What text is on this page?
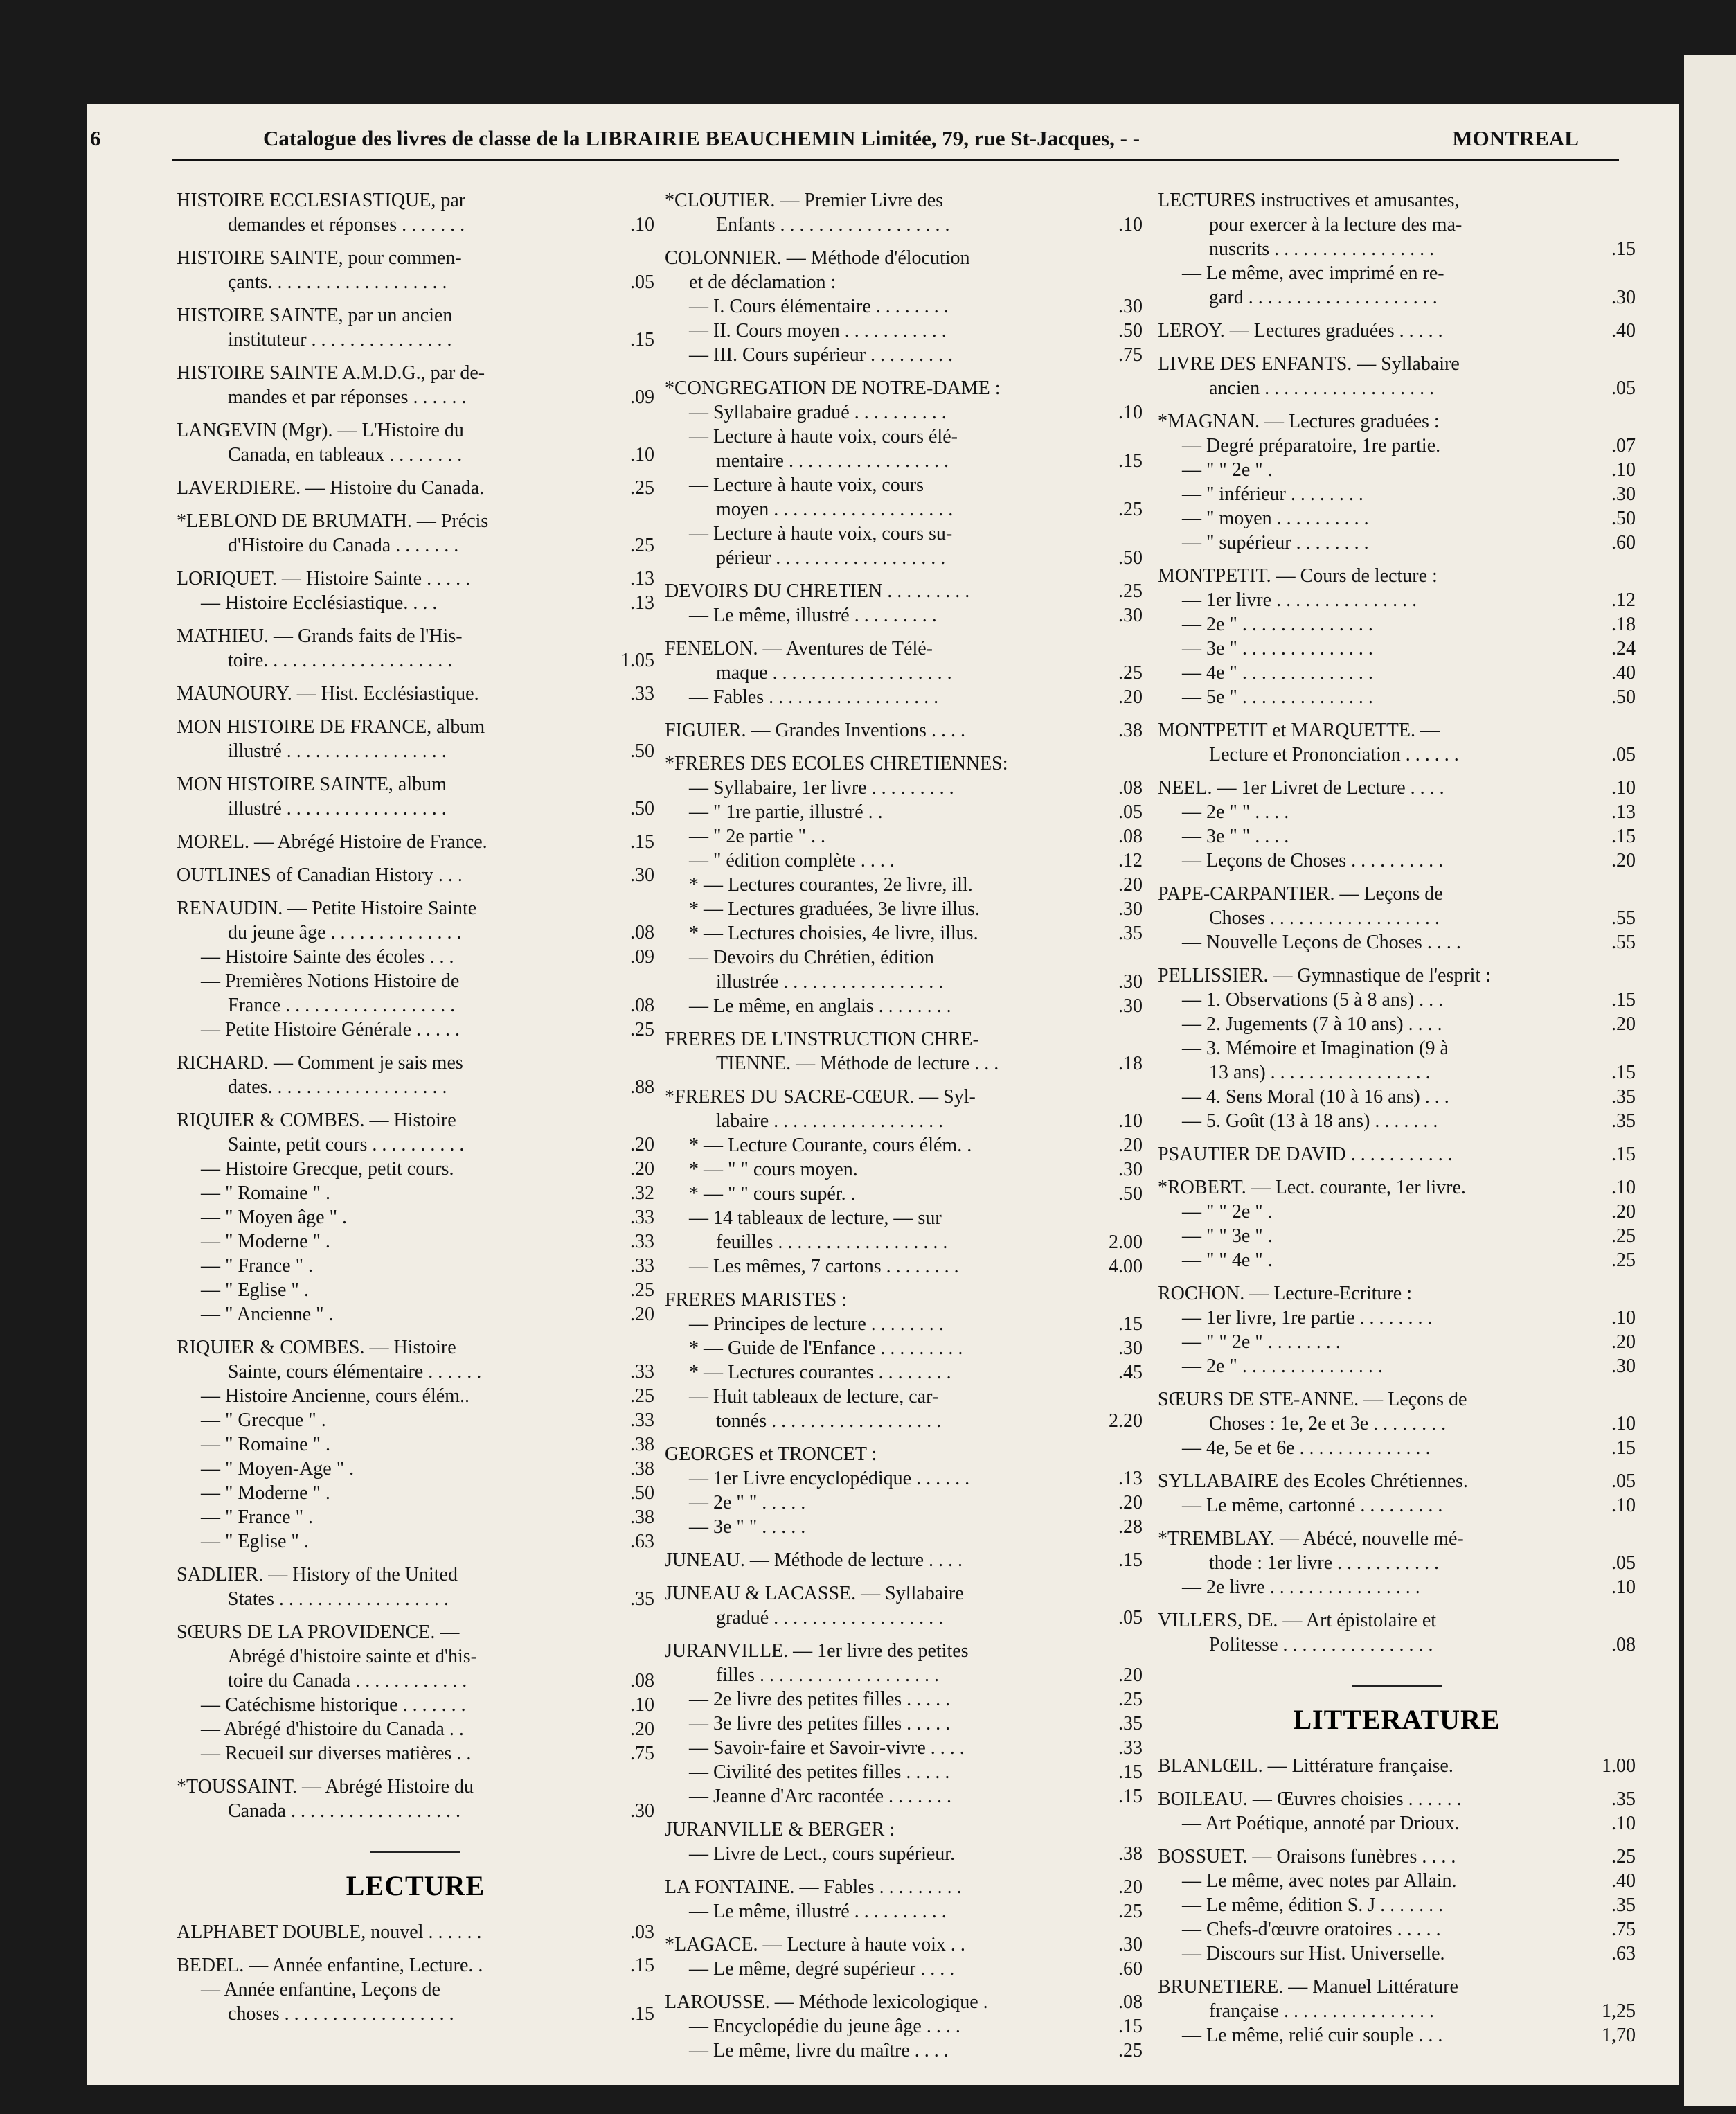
6	Catalogue des livres de classe de la LIBRAIRIE BEAUCHEMIN Limitée, 79, rue St-Jacques, - -	MONTREAL
HISTOIRE ECCLESIASTIQUE, par
demandes et réponses . . . . . . .	.10
HISTOIRE SAINTE, pour commen-
çants. . . . . . . . . . . . . . . . . . .	.05
HISTOIRE SAINTE, par un ancien
instituteur . . . . . . . . . . . . . . .	.15
HISTOIRE SAINTE A.M.D.G., par de-
mandes et par réponses . . . . . .	.09
LANGEVIN (Mgr). — L'Histoire du
Canada, en tableaux . . . . . . . .	.10
LAVERDIERE. — Histoire du Canada.	.25
*LEBLOND DE BRUMATH. — Précis
d'Histoire du Canada . . . . . . .	.25
LORIQUET. — Histoire Sainte . . . . .	.13
— Histoire Ecclésiastique. . . .	.13
MATHIEU. — Grands faits de l'His-
toire. . . . . . . . . . . . . . . . . . . .	1.05
MAUNOURY. — Hist. Ecclésiastique.	.33
MON HISTOIRE DE FRANCE, album
illustré . . . . . . . . . . . . . . . . .	.50
MON HISTOIRE SAINTE, album
illustré . . . . . . . . . . . . . . . . .	.50
MOREL. — Abrégé Histoire de France.	.15
OUTLINES of Canadian History . . .	.30
RENAUDIN. — Petite Histoire Sainte
du jeune âge . . . . . . . . . . . . . .	.08
— Histoire Sainte des écoles . . .	.09
— Premières Notions Histoire de
France . . . . . . . . . . . . . . . . . .	.08
— Petite Histoire Générale . . . . .	.25
RICHARD. — Comment je sais mes
dates. . . . . . . . . . . . . . . . . . .	.88
RIQUIER & COMBES. — Histoire
Sainte, petit cours . . . . . . . . . .	.20
— Histoire Grecque, petit cours.	.20
— " Romaine " .	.32
— " Moyen âge " .	.33
— " Moderne " .	.33
— " France " .	.33
— " Eglise " .	.25
— " Ancienne " .	.20
RIQUIER & COMBES. — Histoire
Sainte, cours élémentaire . . . . . .	.33
— Histoire Ancienne, cours élém..	.25
— " Grecque " .	.33
— " Romaine " .	.38
— " Moyen-Age " .	.38
— " Moderne " .	.50
— " France " .	.38
— " Eglise " .	.63
SADLIER. — History of the United
States . . . . . . . . . . . . . . . . . .	.35
SŒURS DE LA PROVIDENCE. —
Abrégé d'histoire sainte et d'his-
toire du Canada . . . . . . . . . . . .	.08
— Catéchisme historique . . . . . . .	.10
— Abrégé d'histoire du Canada . .	.20
— Recueil sur diverses matières . .	.75
*TOUSSAINT. — Abrégé Histoire du
Canada . . . . . . . . . . . . . . . . . .	.30
LECTURE
ALPHABET DOUBLE, nouvel . . . . . .	.03
BEDEL. — Année enfantine, Lecture. .	.15
— Année enfantine, Leçons de
choses . . . . . . . . . . . . . . . . . .	.15
*CLOUTIER. — Premier Livre des
Enfants . . . . . . . . . . . . . . . . . .	.10
COLONNIER. — Méthode d'élocution
et de déclamation :
— I. Cours élémentaire . . . . . . . .	.30
— II. Cours moyen . . . . . . . . . . .	.50
— III. Cours supérieur . . . . . . . . .	.75
*CONGREGATION DE NOTRE-DAME :
— Syllabaire gradué . . . . . . . . . .	.10
— Lecture à haute voix, cours élé-
mentaire . . . . . . . . . . . . . . . . .	.15
— Lecture à haute voix, cours
moyen . . . . . . . . . . . . . . . . . . .	.25
— Lecture à haute voix, cours su-
périeur . . . . . . . . . . . . . . . . . .	.50
DEVOIRS DU CHRETIEN . . . . . . . . .	.25
— Le même, illustré . . . . . . . . .	.30
FENELON. — Aventures de Télé-
maque . . . . . . . . . . . . . . . . . . .	.25
— Fables . . . . . . . . . . . . . . . . . .	.20
FIGUIER. — Grandes Inventions . . . .	.38
*FRERES DES ECOLES CHRETIENNES:
— Syllabaire, 1er livre . . . . . . . . .	.08
— " 1re partie, illustré . .	.05
— " 2e partie " . .	.08
— " édition complète . . . .	.12
* — Lectures courantes, 2e livre, ill.	.20
* — Lectures graduées, 3e livre illus.	.30
* — Lectures choisies, 4e livre, illus.	.35
— Devoirs du Chrétien, édition
illustrée . . . . . . . . . . . . . . . . .	.30
— Le même, en anglais . . . . . . . .	.30
FRERES DE L'INSTRUCTION CHRE-
TIENNE. — Méthode de lecture . . .	.18
*FRERES DU SACRE-CŒUR. — Syl-
labaire . . . . . . . . . . . . . . . . . .	.10
* — Lecture Courante, cours élém. .	.20
* — " " cours moyen.	.30
* — " " cours supér. .	.50
— 14 tableaux de lecture, — sur
feuilles . . . . . . . . . . . . . . . . . .	2.00
— Les mêmes, 7 cartons . . . . . . . .	4.00
FRERES MARISTES :
— Principes de lecture . . . . . . . .	.15
* — Guide de l'Enfance . . . . . . . . .	.30
* — Lectures courantes . . . . . . . .	.45
— Huit tableaux de lecture, car-
tonnés . . . . . . . . . . . . . . . . . .	2.20
GEORGES et TRONCET :
— 1er Livre encyclopédique . . . . . .	.13
— 2e " " . . . . .	.20
— 3e " " . . . . .	.28
JUNEAU. — Méthode de lecture . . . .	.15
JUNEAU & LACASSE. — Syllabaire
gradué . . . . . . . . . . . . . . . . . .	.05
JURANVILLE. — 1er livre des petites
filles . . . . . . . . . . . . . . . . . . .	.20
— 2e livre des petites filles . . . . .	.25
— 3e livre des petites filles . . . . .	.35
— Savoir-faire et Savoir-vivre . . . .	.33
— Civilité des petites filles . . . . .	.15
— Jeanne d'Arc racontée . . . . . . .	.15
JURANVILLE & BERGER :
— Livre de Lect., cours supérieur.	.38
LA FONTAINE. — Fables . . . . . . . . .	.20
— Le même, illustré . . . . . . . . . .	.25
*LAGACE. — Lecture à haute voix . .	.30
— Le même, degré supérieur . . . .	.60
LAROUSSE. — Méthode lexicologique .	.08
— Encyclopédie du jeune âge . . . .	.15
— Le même, livre du maître . . . .	.25
LECTURES instructives et amusantes,
pour exercer à la lecture des ma-
nuscrits . . . . . . . . . . . . . . . . .	.15
— Le même, avec imprimé en re-
gard . . . . . . . . . . . . . . . . . . . .	.30
LEROY. — Lectures graduées . . . . .	.40
LIVRE DES ENFANTS. — Syllabaire
ancien . . . . . . . . . . . . . . . . . .	.05
*MAGNAN. — Lectures graduées :
— Degré préparatoire, 1re partie.	.07
— " " 2e " .	.10
— " inférieur . . . . . . . .	.30
— " moyen . . . . . . . . . .	.50
— " supérieur . . . . . . . .	.60
MONTPETIT. — Cours de lecture :
— 1er livre . . . . . . . . . . . . . . .	.12
— 2e " . . . . . . . . . . . . . .	.18
— 3e " . . . . . . . . . . . . . .	.24
— 4e " . . . . . . . . . . . . . .	.40
— 5e " . . . . . . . . . . . . . .	.50
MONTPETIT et MARQUETTE. —
Lecture et Prononciation . . . . . .	.05
NEEL. — 1er Livret de Lecture . . . .	.10
— 2e " " . . . .	.13
— 3e " " . . . .	.15
— Leçons de Choses . . . . . . . . . .	.20
PAPE-CARPANTIER. — Leçons de
Choses . . . . . . . . . . . . . . . . . .	.55
— Nouvelle Leçons de Choses . . . .	.55
PELLISSIER. — Gymnastique de l'esprit :
— 1. Observations (5 à 8 ans) . . .	.15
— 2. Jugements (7 à 10 ans) . . . .	.20
— 3. Mémoire et Imagination (9 à
13 ans) . . . . . . . . . . . . . . . . .	.15
— 4. Sens Moral (10 à 16 ans) . . .	.35
— 5. Goût (13 à 18 ans) . . . . . . .	.35
PSAUTIER DE DAVID . . . . . . . . . . .	.15
*ROBERT. — Lect. courante, 1er livre.	.10
— " " 2e " .	.20
— " " 3e " .	.25
— " " 4e " .	.25
ROCHON. — Lecture-Ecriture :
— 1er livre, 1re partie . . . . . . . .	.10
— " " 2e " . . . . . . . .	.20
— 2e " . . . . . . . . . . . . . . .	.30
SŒURS DE STE-ANNE. — Leçons de
Choses : 1e, 2e et 3e . . . . . . . .	.10
— 4e, 5e et 6e . . . . . . . . . . . . . .	.15
SYLLABAIRE des Ecoles Chrétiennes.	.05
— Le même, cartonné . . . . . . . . .	.10
*TREMBLAY. — Abécé, nouvelle mé-
thode : 1er livre . . . . . . . . . . .	.05
— 2e livre . . . . . . . . . . . . . . . .	.10
VILLERS, DE. — Art épistolaire et
Politesse . . . . . . . . . . . . . . . .	.08
LITTERATURE
BLANLŒIL. — Littérature française.	1.00
BOILEAU. — Œuvres choisies . . . . . .	.35
— Art Poétique, annoté par Drioux.	.10
BOSSUET. — Oraisons funèbres . . . .	.25
— Le même, avec notes par Allain.	.40
— Le même, édition S. J . . . . . . .	.35
— Chefs-d'œuvre oratoires . . . . .	.75
— Discours sur Hist. Universelle.	.63
BRUNETIERE. — Manuel Littérature
française . . . . . . . . . . . . . . . .	1,25
— Le même, relié cuir souple . . .	1,70
